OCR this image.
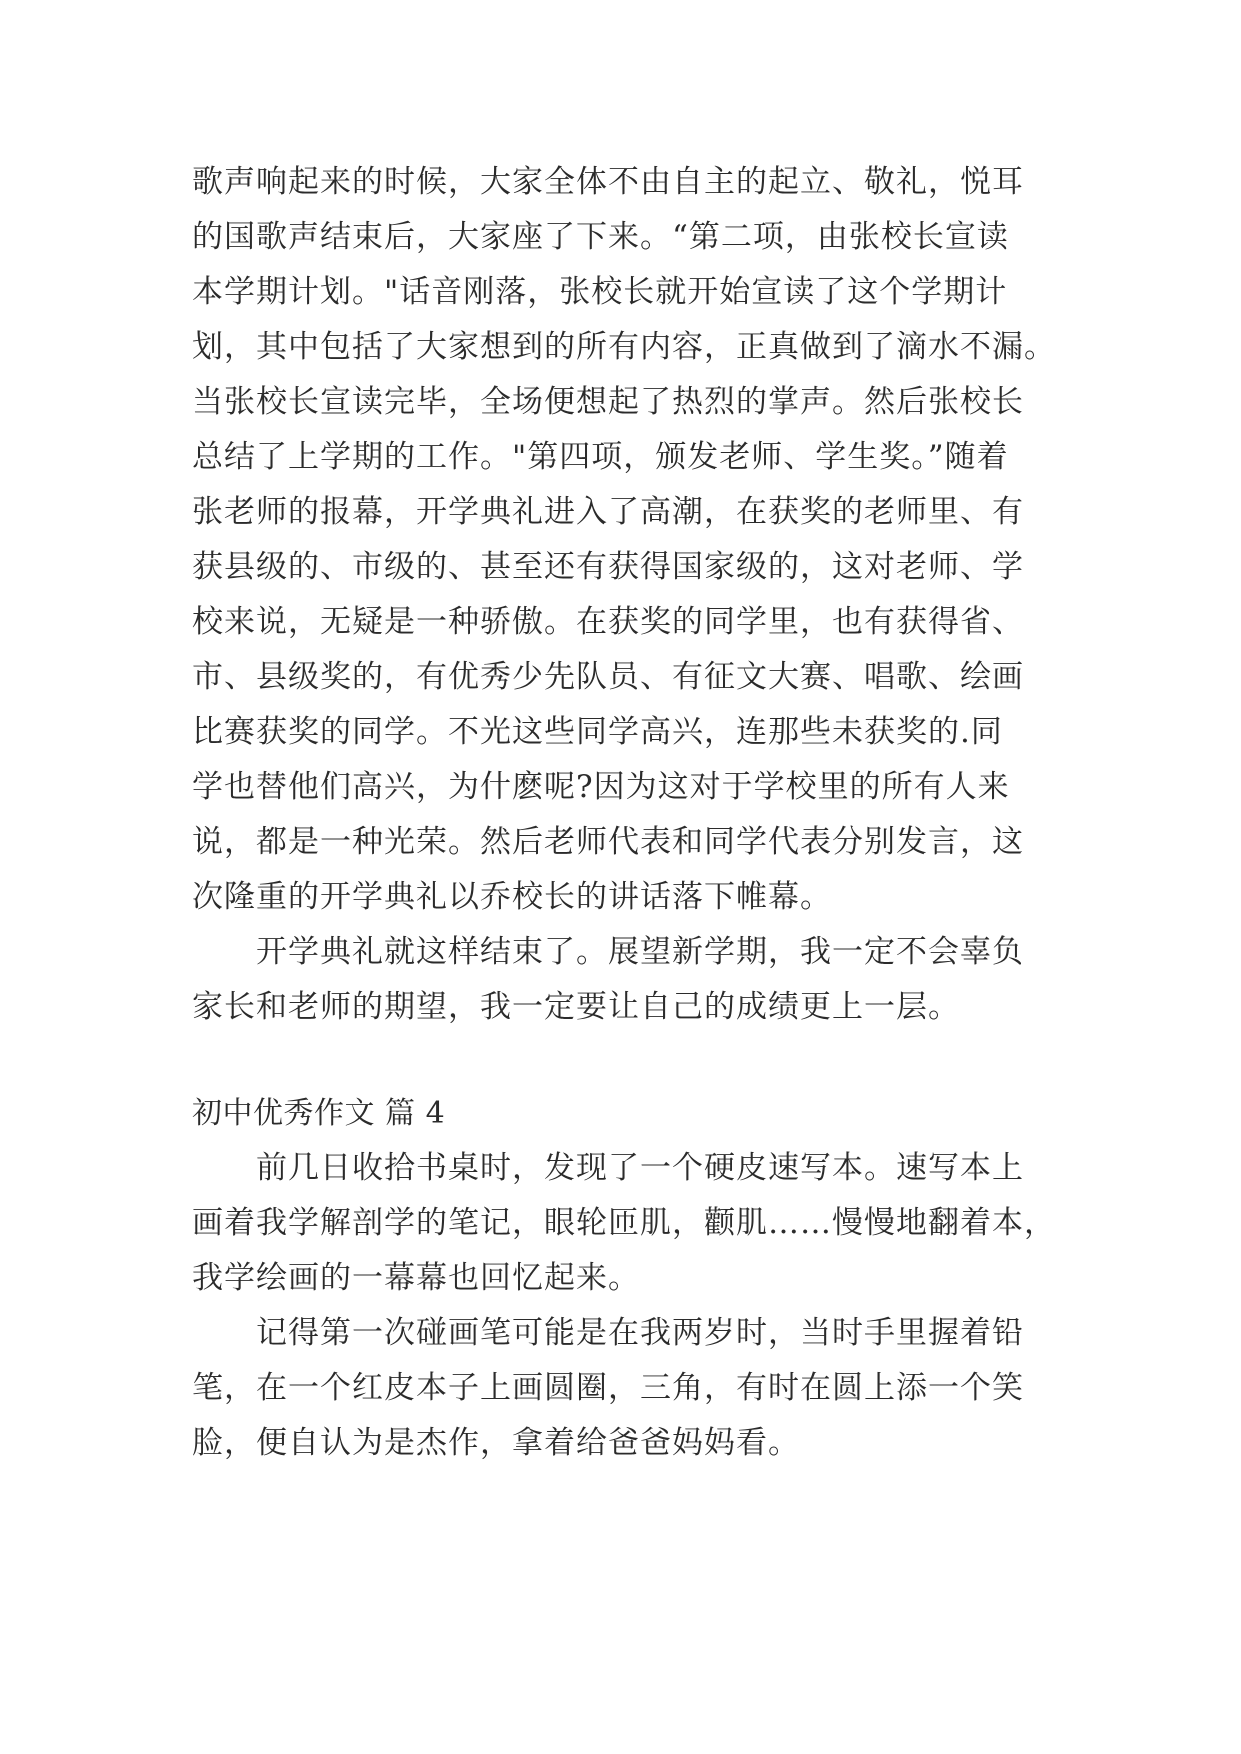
歌声响起来的时候，大家全体不由自主的起立、敬礼，悦耳
的国歌声结束后，大家座了下来。“第二项，由张校长宣读
本学期计划。"话音刚落，张校长就开始宣读了这个学期计
划，其中包括了大家想到的所有内容，正真做到了滴水不漏。
当张校长宣读完毕，全场便想起了热烈的掌声。然后张校长
总结了上学期的工作。"第四项，颁发老师、学生奖。”随着
张老师的报幕，开学典礼进入了高潮，在获奖的老师里、有
获县级的、市级的、甚至还有获得国家级的，这对老师、学
校来说，无疑是一种骄傲。在获奖的同学里，也有获得省、
市、县级奖的，有优秀少先队员、有征文大赛、唱歌、绘画
比赛获奖的同学。不光这些同学高兴，连那些未获奖的.同
学也替他们高兴，为什麽呢?因为这对于学校里的所有人来
说，都是一种光荣。然后老师代表和同学代表分别发言，这
次隆重的开学典礼以乔校长的讲话落下帷幕。
开学典礼就这样结束了。展望新学期，我一定不会辜负
家长和老师的期望，我一定要让自己的成绩更上一层。
初中优秀作文 篇 4
前几日收拾书桌时，发现了一个硬皮速写本。速写本上
画着我学解剖学的笔记，眼轮匝肌，颧肌……慢慢地翻着本，
我学绘画的一幕幕也回忆起来。
记得第一次碰画笔可能是在我两岁时，当时手里握着铅
笔，在一个红皮本子上画圆圈，三角，有时在圆上添一个笑
脸，便自认为是杰作，拿着给爸爸妈妈看。
